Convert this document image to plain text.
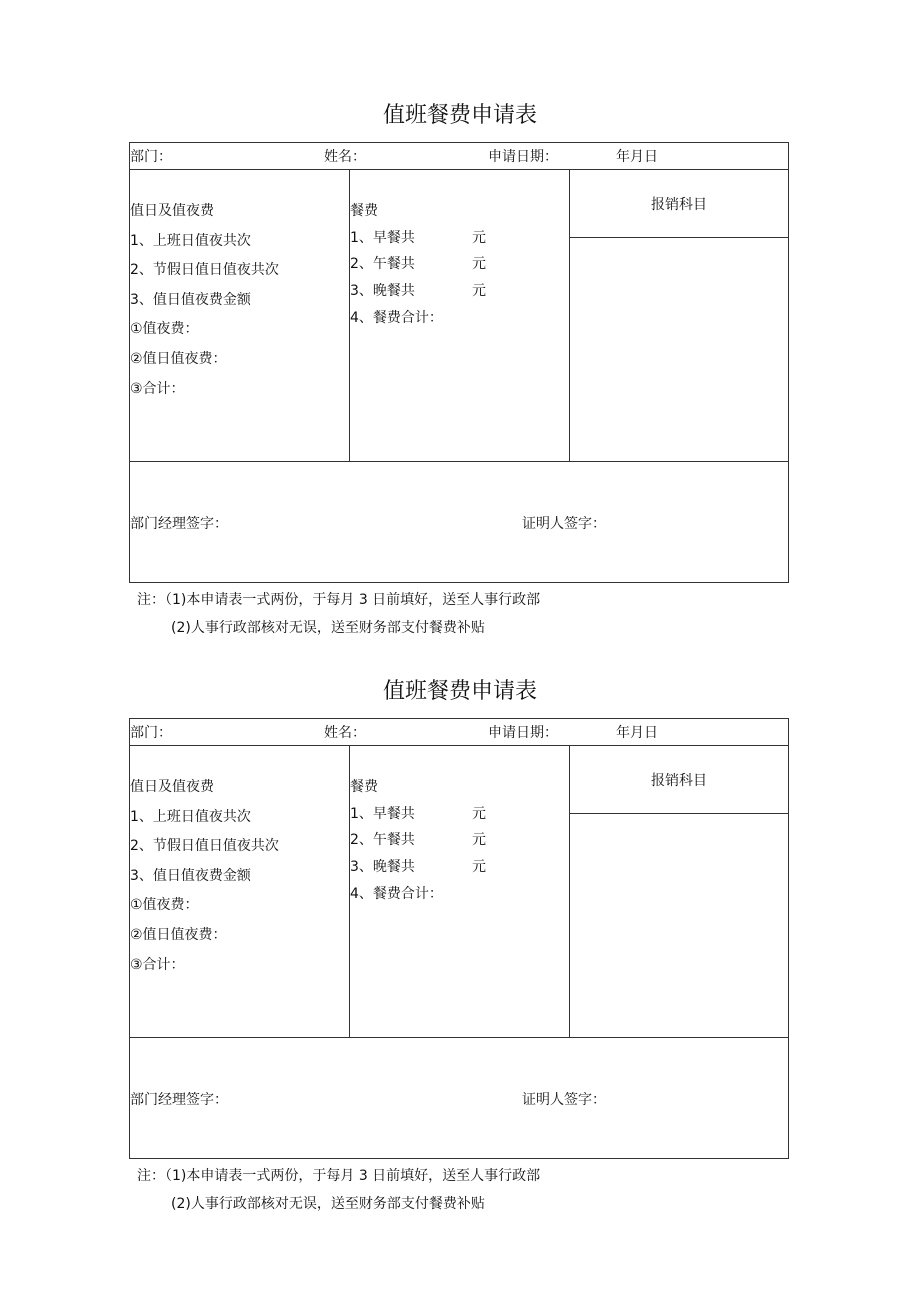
值班餐费申请表
部门：	姓名：	申请日期：	年月日
值日及值夜费
1、上班日值夜共次
2、节假日值日值夜共次
3、值日值夜费金额
①值夜费：
②值日值夜费：
③合计：
餐费
1、早餐共	元
2、午餐共	元
3、晚餐共	元
4、餐费合计：
报销科目
部门经理签字：	证明人签字：
注：（1)本申请表一式两份，于每月 3 日前填好，送至人事行政部
(2)人事行政部核对无误，送至财务部支付餐费补贴
值班餐费申请表
部门：	姓名：	申请日期：	年月日
值日及值夜费
1、上班日值夜共次
2、节假日值日值夜共次
3、值日值夜费金额
①值夜费：
②值日值夜费：
③合计：
餐费
1、早餐共	元
2、午餐共	元
3、晚餐共	元
4、餐费合计：
报销科目
部门经理签字：	证明人签字：
注：（1)本申请表一式两份，于每月 3 日前填好，送至人事行政部
(2)人事行政部核对无误，送至财务部支付餐费补贴
